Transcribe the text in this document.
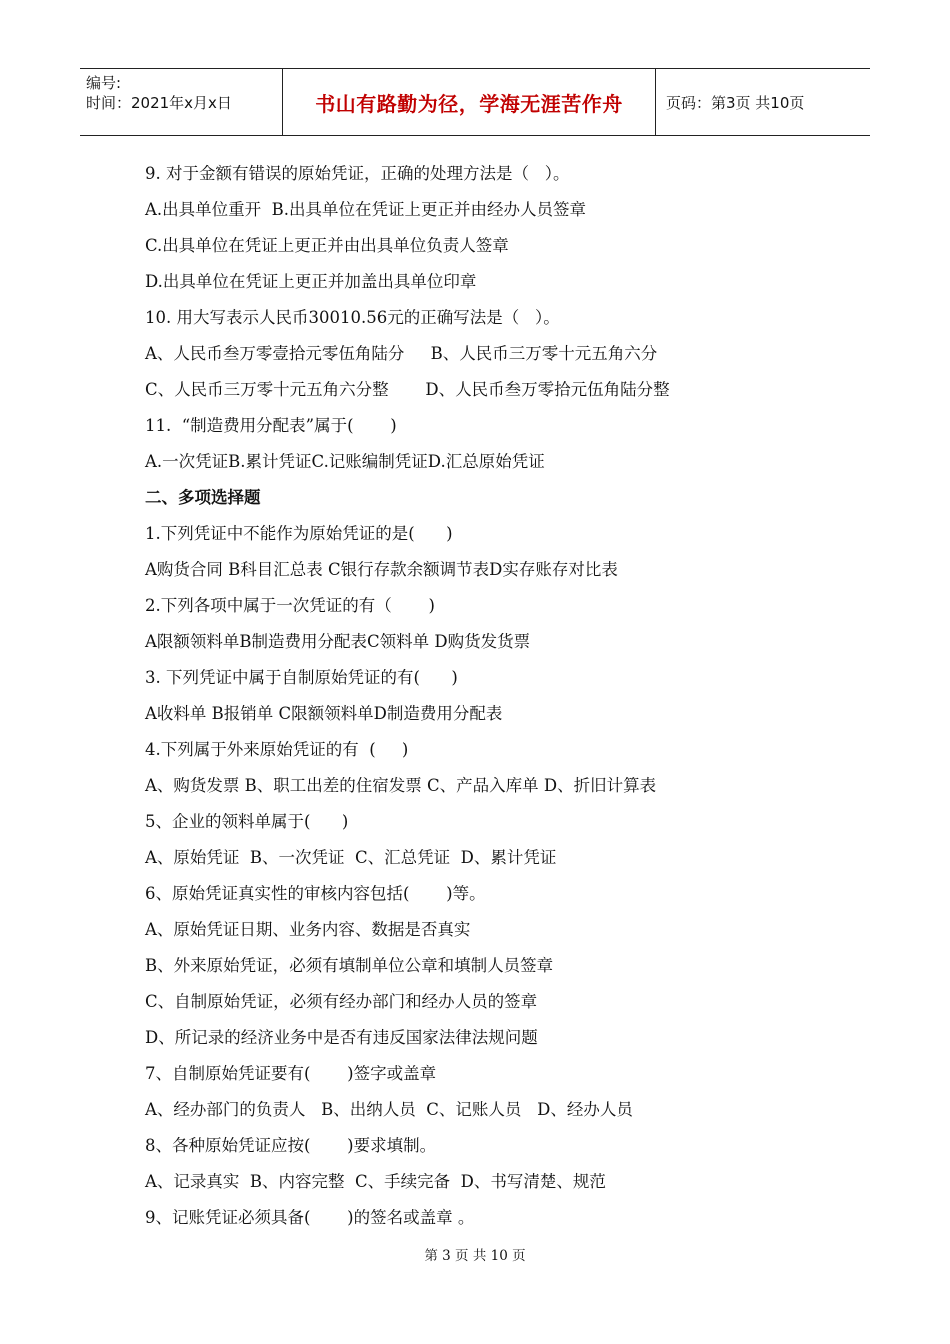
编号:
时间：2021年x月x日	书山有路勤为径，学海无涯苦作舟	页码：第3页 共10页
9. 对于金额有错误的原始凭证，正确的处理方法是（   ）。
A.出具单位重开  B.出具单位在凭证上更正并由经办人员签章
C.出具单位在凭证上更正并由出具单位负责人签章
D.出具单位在凭证上更正并加盖出具单位印章
10. 用大写表示人民币30010.56元的正确写法是（   ）。
A、人民币叁万零壹拾元零伍角陆分     B、人民币三万零十元五角六分
C、人民币三万零十元五角六分整       D、人民币叁万零拾元伍角陆分整
11.  “制造费用分配表”属于(       )
A.一次凭证B.累计凭证C.记账编制凭证D.汇总原始凭证
二、多项选择题
1.下列凭证中不能作为原始凭证的是(      )
A购货合同 B科目汇总表 C银行存款余额调节表D实存账存对比表
2.下列各项中属于一次凭证的有（       )
A限额领料单B制造费用分配表C领料单 D购货发货票
3. 下列凭证中属于自制原始凭证的有(      )
A收料单 B报销单 C限额领料单D制造费用分配表
4.下列属于外来原始凭证的有  (     )
A、购货发票 B、职工出差的住宿发票 C、产品入库单 D、折旧计算表
5、企业的领料单属于(      )
A、原始凭证  B、一次凭证  C、汇总凭证  D、累计凭证
6、原始凭证真实性的审核内容包括(       )等。
A、原始凭证日期、业务内容、数据是否真实
B、外来原始凭证，必须有填制单位公章和填制人员签章
C、自制原始凭证，必须有经办部门和经办人员的签章
D、所记录的经济业务中是否有违反国家法律法规问题
7、自制原始凭证要有(       )签字或盖章
A、经办部门的负责人   B、出纳人员  C、记账人员   D、经办人员
8、各种原始凭证应按(       )要求填制。
A、记录真实  B、内容完整  C、手续完备  D、书写清楚、规范
9、记账凭证必须具备(       )的签名或盖章 。
第 3 页 共 10 页
